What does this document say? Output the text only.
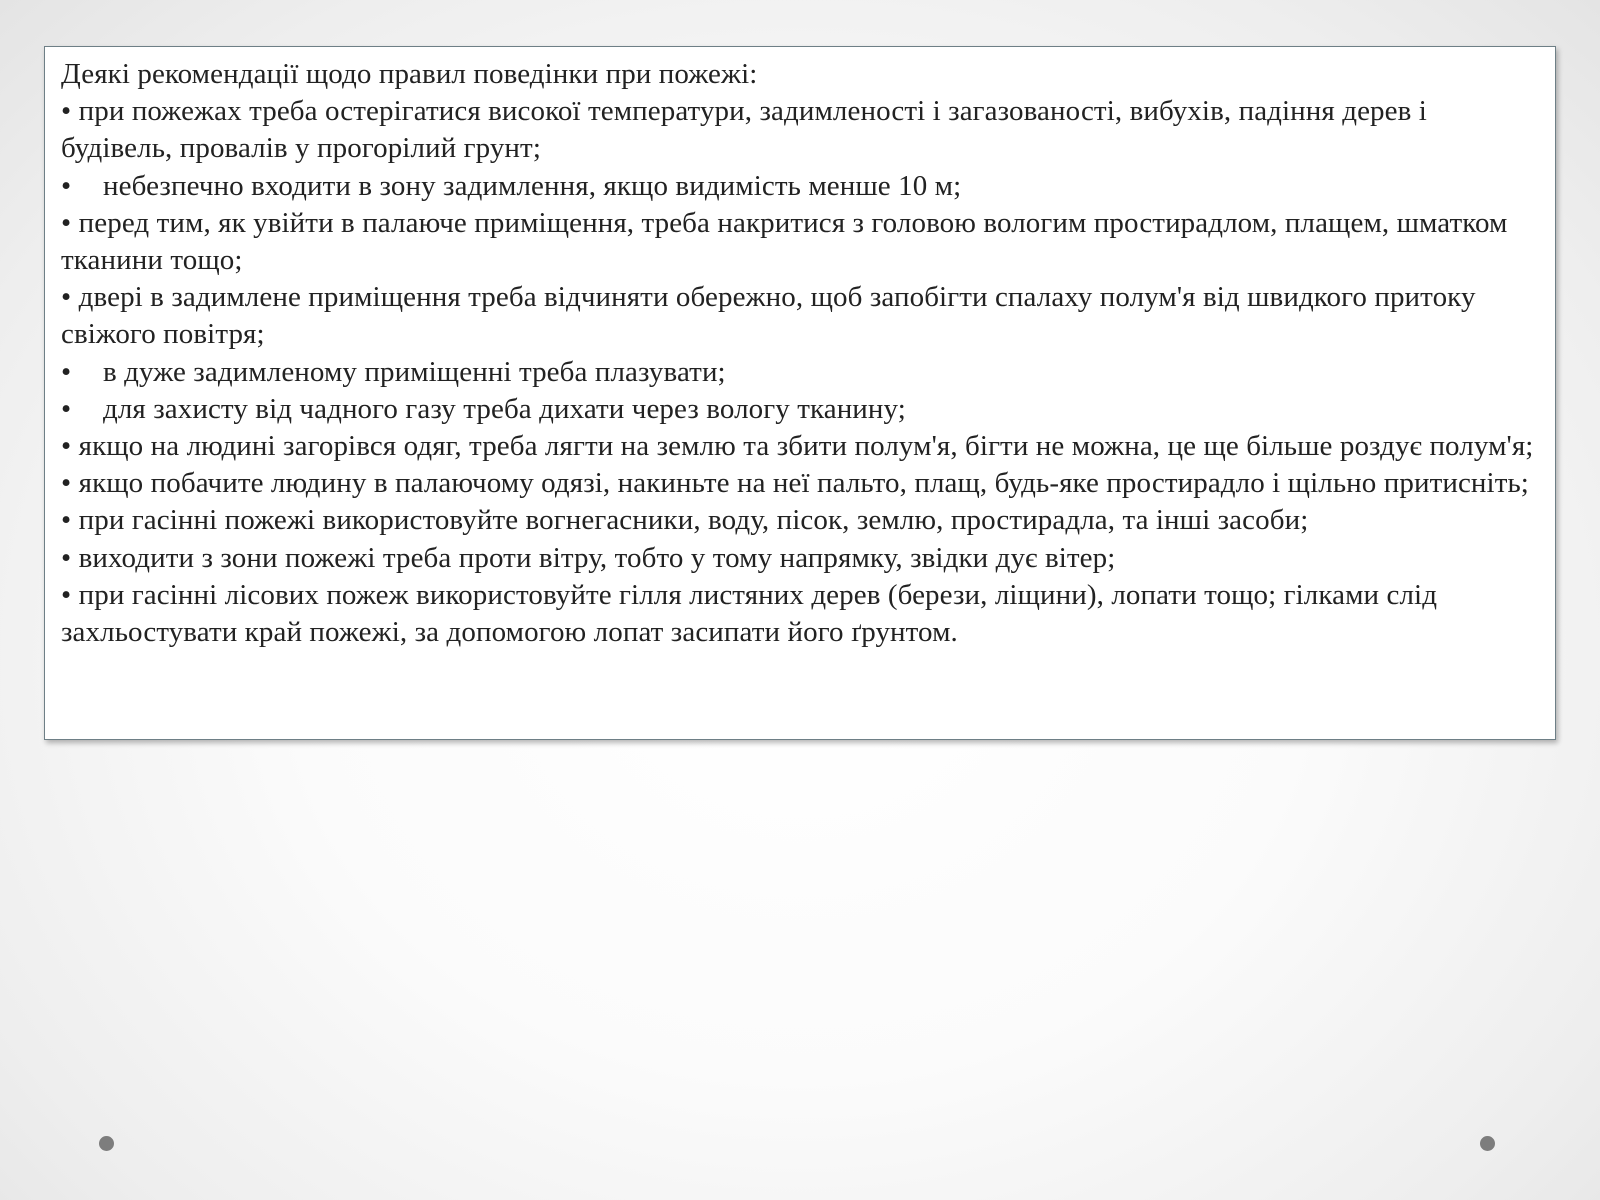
Деякі рекомендації щодо правил поведінки при пожежі:

• при пожежах треба остерігатися високої температури, задимленості і загазованості, вибухів, падіння дерев і будівель, провалів у прогорілий грунт;

• небезпечно входити в зону задимлення, якщо видимість менше 10 м;

• перед тим, як увійти в палаюче приміщення, треба накритися з головою вологим простирадлом, плащем, шматком тканини тощо;

• двері в задимлене приміщення треба відчиняти обережно, щоб запобігти спалаху полум'я від швидкого притоку свіжого повітря;

• в дуже задимленому приміщенні треба плазувати;

• для захисту від чадного газу треба дихати через вологу тканину;

• якщо на людині загорівся одяг, треба лягти на землю та збити полум'я, бігти не можна, це ще більше роздує полум'я;

• якщо побачите людину в палаючому одязі, накиньте на неї пальто, плащ, будь-яке простирадло і щільно притисніть;

• при гасінні пожежі використовуйте вогнегасники, воду, пісок, землю, простирадла, та інші засоби;

• виходити з зони пожежі треба проти вітру, тобто у тому напрямку, звідки дує вітер;

• при гасінні лісових пожеж використовуйте гілля листяних дерев (берези, ліщини), лопати тощо; гілками слід захльостувати край пожежі, за допомогою лопат засипати його ґрунтом.
